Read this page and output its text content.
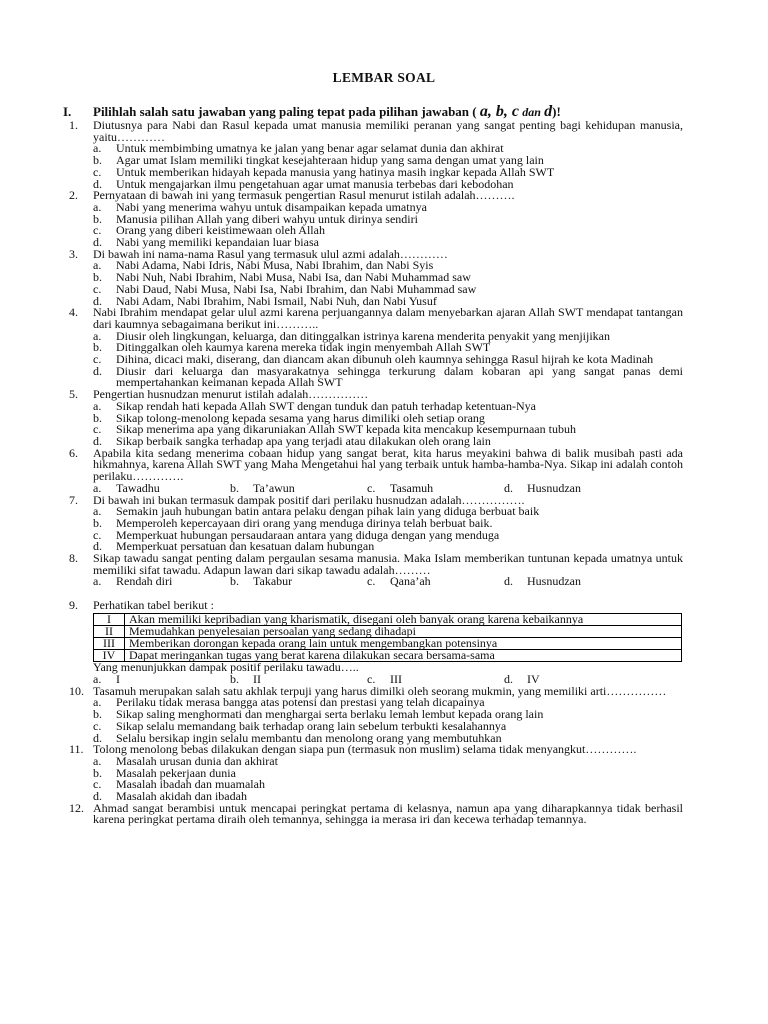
LEMBAR SOAL
I.	Pilihlah salah satu jawaban yang paling tepat pada pilihan jawaban ( a, b, c dan d)!
1. Diutusnya para Nabi dan Rasul kepada umat manusia memiliki peranan yang sangat penting bagi kehidupan manusia, yaitu…………
a. Untuk membimbing umatnya ke jalan yang benar agar selamat dunia dan akhirat
b. Agar umat Islam memiliki tingkat kesejahteraan hidup yang sama dengan umat yang lain
c. Untuk memberikan hidayah kepada manusia yang hatinya masih ingkar kepada Allah SWT
d. Untuk mengajarkan ilmu pengetahuan agar umat manusia terbebas dari kebodohan
2. Pernyataan di bawah ini yang termasuk pengertian Rasul menurut istilah adalah……….
a. Nabi yang menerima wahyu untuk disampaikan kepada umatnya
b. Manusia pilihan Allah yang diberi wahyu untuk dirinya sendiri
c. Orang yang diberi keistimewaan oleh Allah
d. Nabi yang memiliki kepandaian luar biasa
3. Di bawah ini nama-nama Rasul yang termasuk ulul azmi adalah…………
a. Nabi Adama, Nabi Idris, Nabi Musa, Nabi Ibrahim, dan Nabi Syis
b. Nabi Nuh, Nabi Ibrahim, Nabi Musa, Nabi Isa, dan Nabi Muhammad saw
c. Nabi Daud, Nabi Musa, Nabi Isa, Nabi Ibrahim, dan Nabi Muhammad saw
d. Nabi Adam, Nabi Ibrahim, Nabi Ismail, Nabi Nuh, dan Nabi Yusuf
4. Nabi Ibrahim mendapat gelar ulul azmi karena perjuangannya dalam menyebarkan ajaran Allah SWT mendapat tantangan dari kaumnya sebagaimana berikut ini………..
a. Diusir oleh lingkungan, keluarga, dan ditinggalkan istrinya karena menderita penyakit yang menjijikan
b. Ditinggalkan oleh kaumya karena mereka tidak ingin menyembah Allah SWT
c. Dihina, dicaci maki, diserang, dan diancam akan dibunuh oleh kaumnya sehingga Rasul hijrah ke kota Madinah
d. Diusir dari keluarga dan masyarakatnya sehingga terkurung dalam kobaran api yang sangat panas demi mempertahankan keimanan kepada Allah SWT
5. Pengertian husnudzan menurut istilah adalah……………
a. Sikap rendah hati kepada Allah SWT dengan tunduk dan patuh terhadap ketentuan-Nya
b. Sikap tolong-menolong kepada sesama yang harus dimiliki oleh setiap orang
c. Sikap menerima apa yang dikaruniakan Allah SWT kepada kita mencakup kesempurnaan tubuh
d. Sikap berbaik sangka terhadap apa yang terjadi atau dilakukan oleh orang lain
6. Apabila kita sedang menerima cobaan hidup yang sangat berat, kita harus meyakini bahwa di balik musibah pasti ada hikmahnya, karena Allah SWT yang Maha Mengetahui hal yang terbaik untuk hamba-hamba-Nya. Sikap ini adalah contoh perilaku………….
a.	Tawadhu	b.	Ta’awun	c.	Tasamuh	d.	Husnudzan
7. Di bawah ini bukan termasuk dampak positif dari perilaku husnudzan adalah…………….
a. Semakin jauh hubungan batin antara pelaku dengan pihak lain yang diduga berbuat baik
b. Memperoleh kepercayaan diri orang yang menduga dirinya telah berbuat baik.
c. Memperkuat hubungan persaudaraan antara yang diduga dengan yang menduga
d. Memperkuat persatuan dan kesatuan dalam hubungan
8. Sikap tawadu sangat penting dalam pergaulan sesama manusia. Maka Islam memberikan tuntunan kepada umatnya untuk memiliki sifat tawadu. Adapun lawan dari sikap tawadu adalah………
a.	Rendah diri	b.	Takabur	c.	Qana’ah	d.	Husnudzan
9. Perhatikan tabel berikut :
I	Akan memiliki kepribadian yang kharismatik, disegani oleh banyak orang karena kebaikannya
II	Memudahkan penyelesaian persoalan yang sedang dihadapi
III	Memberikan dorongan kepada orang lain untuk mengembangkan potensinya
IV	Dapat meringankan tugas yang berat karena dilakukan secara bersama-sama
Yang menunjukkan dampak positif perilaku tawadu…..
a.	I	b.	II	c.	III	d.	IV
10. Tasamuh merupakan salah satu akhlak terpuji yang harus dimilki oleh seorang mukmin, yang memiliki arti……………
a. Perilaku tidak merasa bangga atas potensi dan prestasi yang telah dicapainya
b. Sikap saling menghormati dan menghargai serta berlaku lemah lembut kepada orang lain
c. Sikap selalu memandang baik terhadap orang lain sebelum terbukti kesalahannya
d. Selalu bersikap ingin selalu membantu dan menolong orang yang membutuhkan
11. Tolong menolong bebas dilakukan dengan siapa pun (termasuk non muslim) selama tidak menyangkut………….
a. Masalah urusan dunia dan akhirat
b. Masalah pekerjaan dunia
c. Masalah ibadah dan muamalah
d. Masalah akidah dan ibadah
12. Ahmad sangat berambisi untuk mencapai peringkat pertama di kelasnya, namun apa yang diharapkannya tidak berhasil karena peringkat pertama diraih oleh temannya, sehingga ia merasa iri dan kecewa terhadap temannya.
